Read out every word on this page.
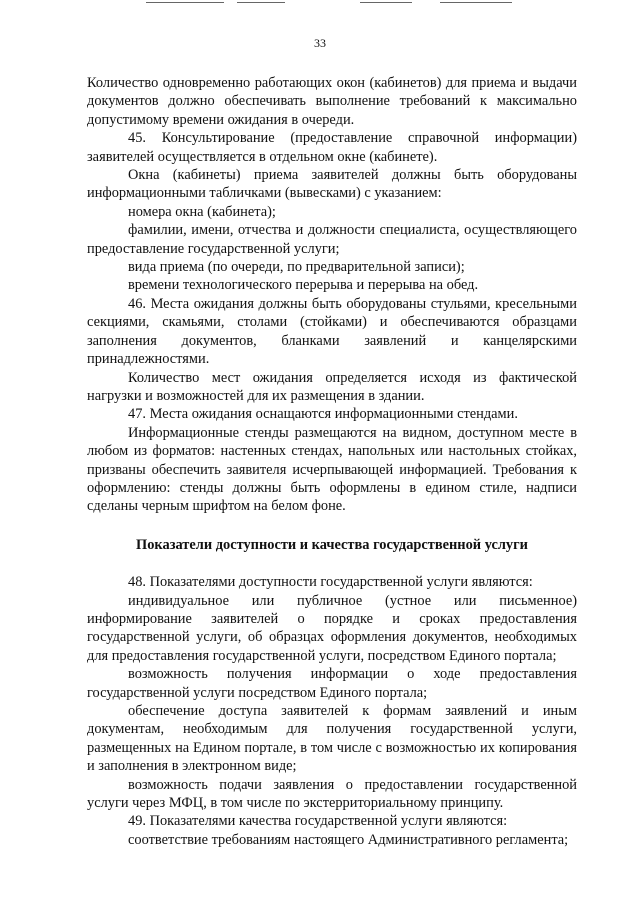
33

Количество одновременно работающих окон (кабинетов) для приема и выдачи документов должно обеспечивать выполнение требований к максимально допустимому времени ожидания в очереди.

45. Консультирование (предоставление справочной информации) заявителей осуществляется в отдельном окне (кабинете).

Окна (кабинеты) приема заявителей должны быть оборудованы информационными табличками (вывесками) с указанием:

номера окна (кабинета);

фамилии, имени, отчества и должности специалиста, осуществляющего предоставление государственной услуги;

вида приема (по очереди, по предварительной записи);

времени технологического перерыва и перерыва на обед.

46. Места ожидания должны быть оборудованы стульями, кресельными секциями, скамьями, столами (стойками) и обеспечиваются образцами заполнения документов, бланками заявлений и канцелярскими принадлежностями.

Количество мест ожидания определяется исходя из фактической нагрузки и возможностей для их размещения в здании.

47. Места ожидания оснащаются информационными стендами.

Информационные стенды размещаются на видном, доступном месте в любом из форматов: настенных стендах, напольных или настольных стойках, призваны обеспечить заявителя исчерпывающей информацией. Требования к оформлению: стенды должны быть оформлены в едином стиле, надписи сделаны черным шрифтом на белом фоне.

Показатели доступности и качества государственной услуги

48. Показателями доступности государственной услуги являются:

индивидуальное или публичное (устное или письменное) информирование заявителей о порядке и сроках предоставления государственной услуги, об образцах оформления документов, необходимых для предоставления государственной услуги, посредством Единого портала;

возможность получения информации о ходе предоставления государственной услуги посредством Единого портала;

обеспечение доступа заявителей к формам заявлений и иным документам, необходимым для получения государственной услуги, размещенных на Едином портале, в том числе с возможностью их копирования и заполнения в электронном виде;

возможность подачи заявления о предоставлении государственной услуги через МФЦ, в том числе по экстерриториальному принципу.

49. Показателями качества государственной услуги являются:

соответствие требованиям настоящего Административного регламента;
